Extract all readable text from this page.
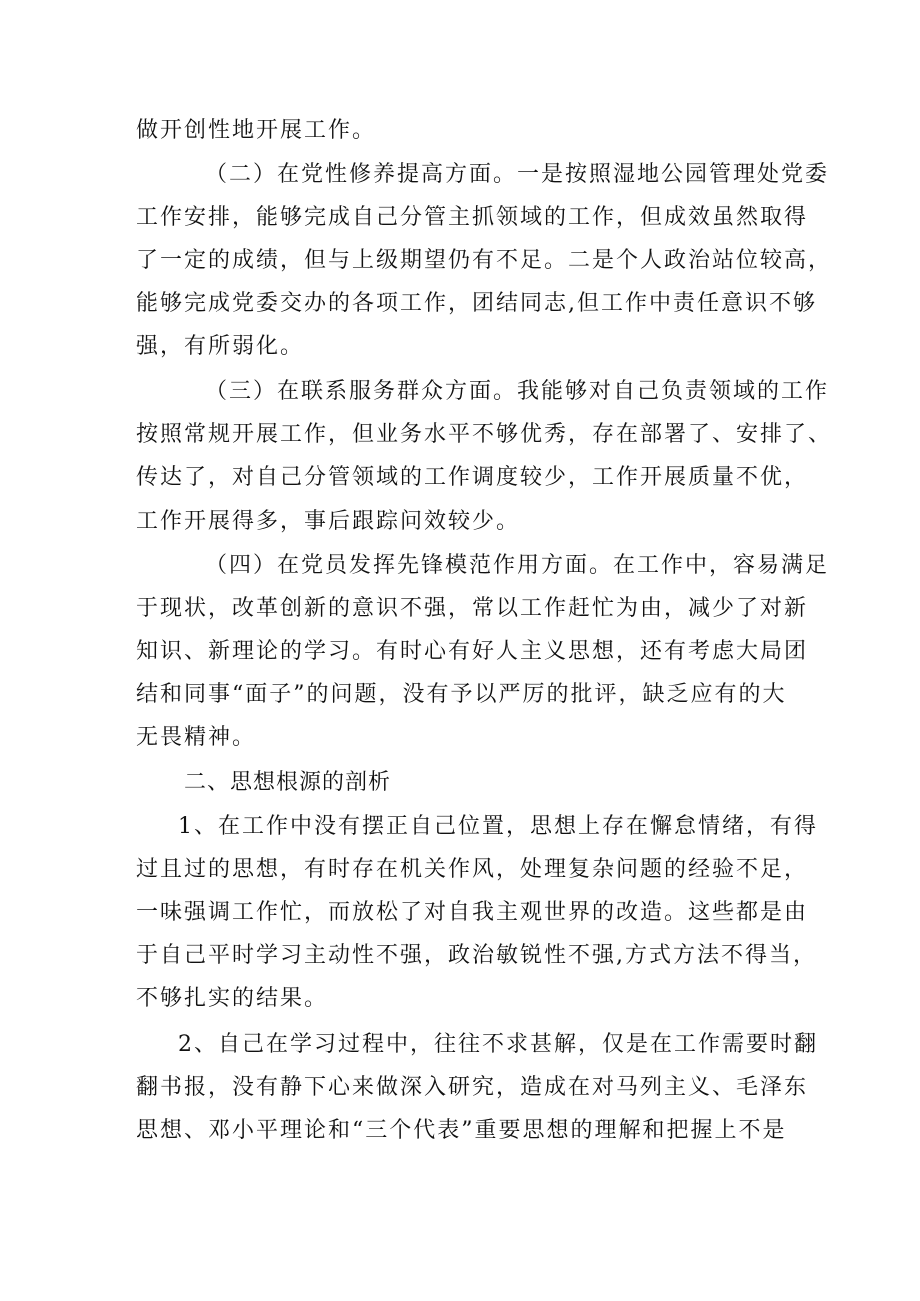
做开创性地开展工作。
（二）在党性修养提高方面。一是按照湿地公园管理处党委
工作安排，能够完成自己分管主抓领域的工作，但成效虽然取得
了一定的成绩，但与上级期望仍有不足。二是个人政治站位较高，
能够完成党委交办的各项工作，团结同志,但工作中责任意识不够
强，有所弱化。
（三）在联系服务群众方面。我能够对自己负责领域的工作
按照常规开展工作，但业务水平不够优秀，存在部署了、安排了、
传达了，对自己分管领域的工作调度较少，工作开展质量不优，
工作开展得多，事后跟踪问效较少。
（四）在党员发挥先锋模范作用方面。在工作中，容易满足
于现状，改革创新的意识不强，常以工作赶忙为由，减少了对新
知识、新理论的学习。有时心有好人主义思想，还有考虑大局团
结和同事“面子”的问题，没有予以严厉的批评，缺乏应有的大
无畏精神。
二、思想根源的剖析
1、在工作中没有摆正自己位置，思想上存在懈怠情绪，有得
过且过的思想，有时存在机关作风，处理复杂问题的经验不足，
一味强调工作忙，而放松了对自我主观世界的改造。这些都是由
于自己平时学习主动性不强，政治敏锐性不强,方式方法不得当，
不够扎实的结果。
2、自己在学习过程中，往往不求甚解，仅是在工作需要时翻
翻书报，没有静下心来做深入研究，造成在对马列主义、毛泽东
思想、邓小平理论和“三个代表”重要思想的理解和把握上不是
